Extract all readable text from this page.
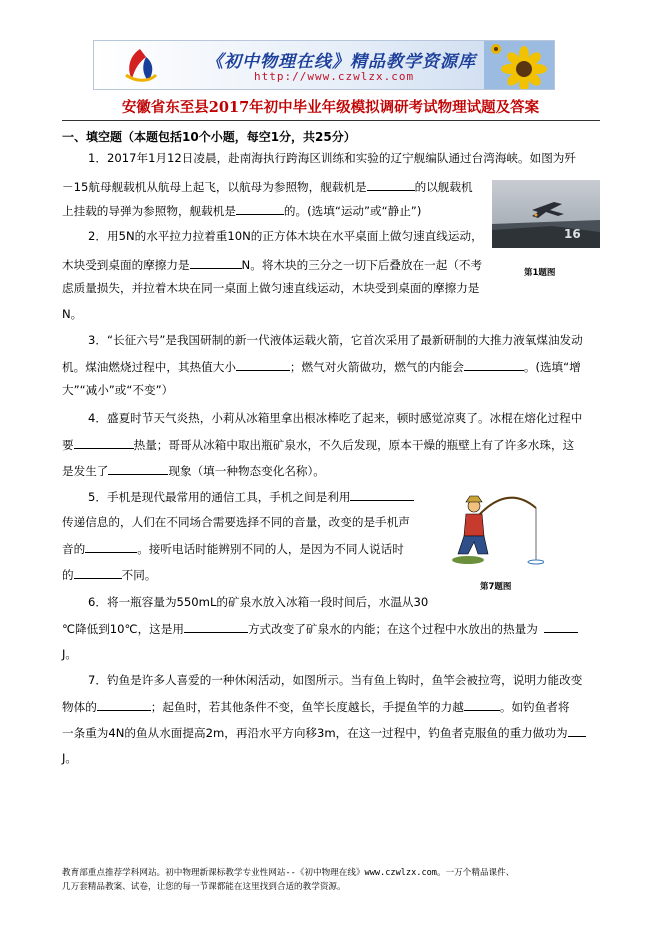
《初中物理在线》精品教学资源库
http://www.czwlzx.com
安徽省东至县2017年初中毕业年级模拟调研考试物理试题及答案
一、填空题（本题包括10个小题，每空1分，共25分）
1．2017年1月12日凌晨，赴南海执行跨海区训练和实验的辽宁舰编队通过台湾海峡。如图为歼
－15航母舰载机从航母上起飞，以航母为参照物，舰载机是	的以舰载机
上挂载的导弹为参照物，舰载机是	的。(选填“运动”或“静止”)
16
第1题图
2．用5N的水平拉力拉着重10N的正方体木块在水平桌面上做匀速直线运动，
木块受到桌面的摩擦力是	N。将木块的三分之一切下后叠放在一起（不考
虑质量损失，并拉着木块在同一桌面上做匀速直线运动，木块受到桌面的摩擦力是
N。
3．“长征六号”是我国研制的新一代液体运载火箭，它首次采用了最新研制的大推力液氧煤油发动
机。煤油燃烧过程中，其热值大小	；燃气对火箭做功，燃气的内能会	。(选填“增
大”“减小”或“不变”）
4．盛夏时节天气炎热，小莉从冰箱里拿出根冰棒吃了起来，顿时感觉凉爽了。冰棍在熔化过程中
要	热量；哥哥从冰箱中取出瓶矿泉水，不久后发现，原本干燥的瓶壁上有了许多水珠，这
是发生了	现象（填一种物态变化名称）。
5．手机是现代最常用的通信工具，手机之间是利用
传递信息的，人们在不同场合需要选择不同的音量，改变的是手机声
音的	。接听电话时能辨别不同的人，是因为不同人说话时
的	不同。
第7题图
6．将一瓶容量为550mL的矿泉水放入冰箱一段时间后，水温从30
℃降低到10℃，这是用	方式改变了矿泉水的内能；在这个过程中水放出的热量为
J。
7．钓鱼是许多人喜爱的一种休闲活动，如图所示。当有鱼上钩时，鱼竿会被拉弯，说明力能改变
物体的	；起鱼时，若其他条件不变，鱼竿长度越长，手提鱼竿的力越	。如钓鱼者将
一条重为4N的鱼从水面提高2m，再沿水平方向移3m，在这一过程中，钓鱼者克服鱼的重力做功为
J。
教育部重点推荐学科网站。初中物理新课标教学专业性网站--《初中物理在线》www.czwlzx.com。一万个精品课件、
几万套精品教案、试卷，让您的每一节课都能在这里找到合适的教学资源。
